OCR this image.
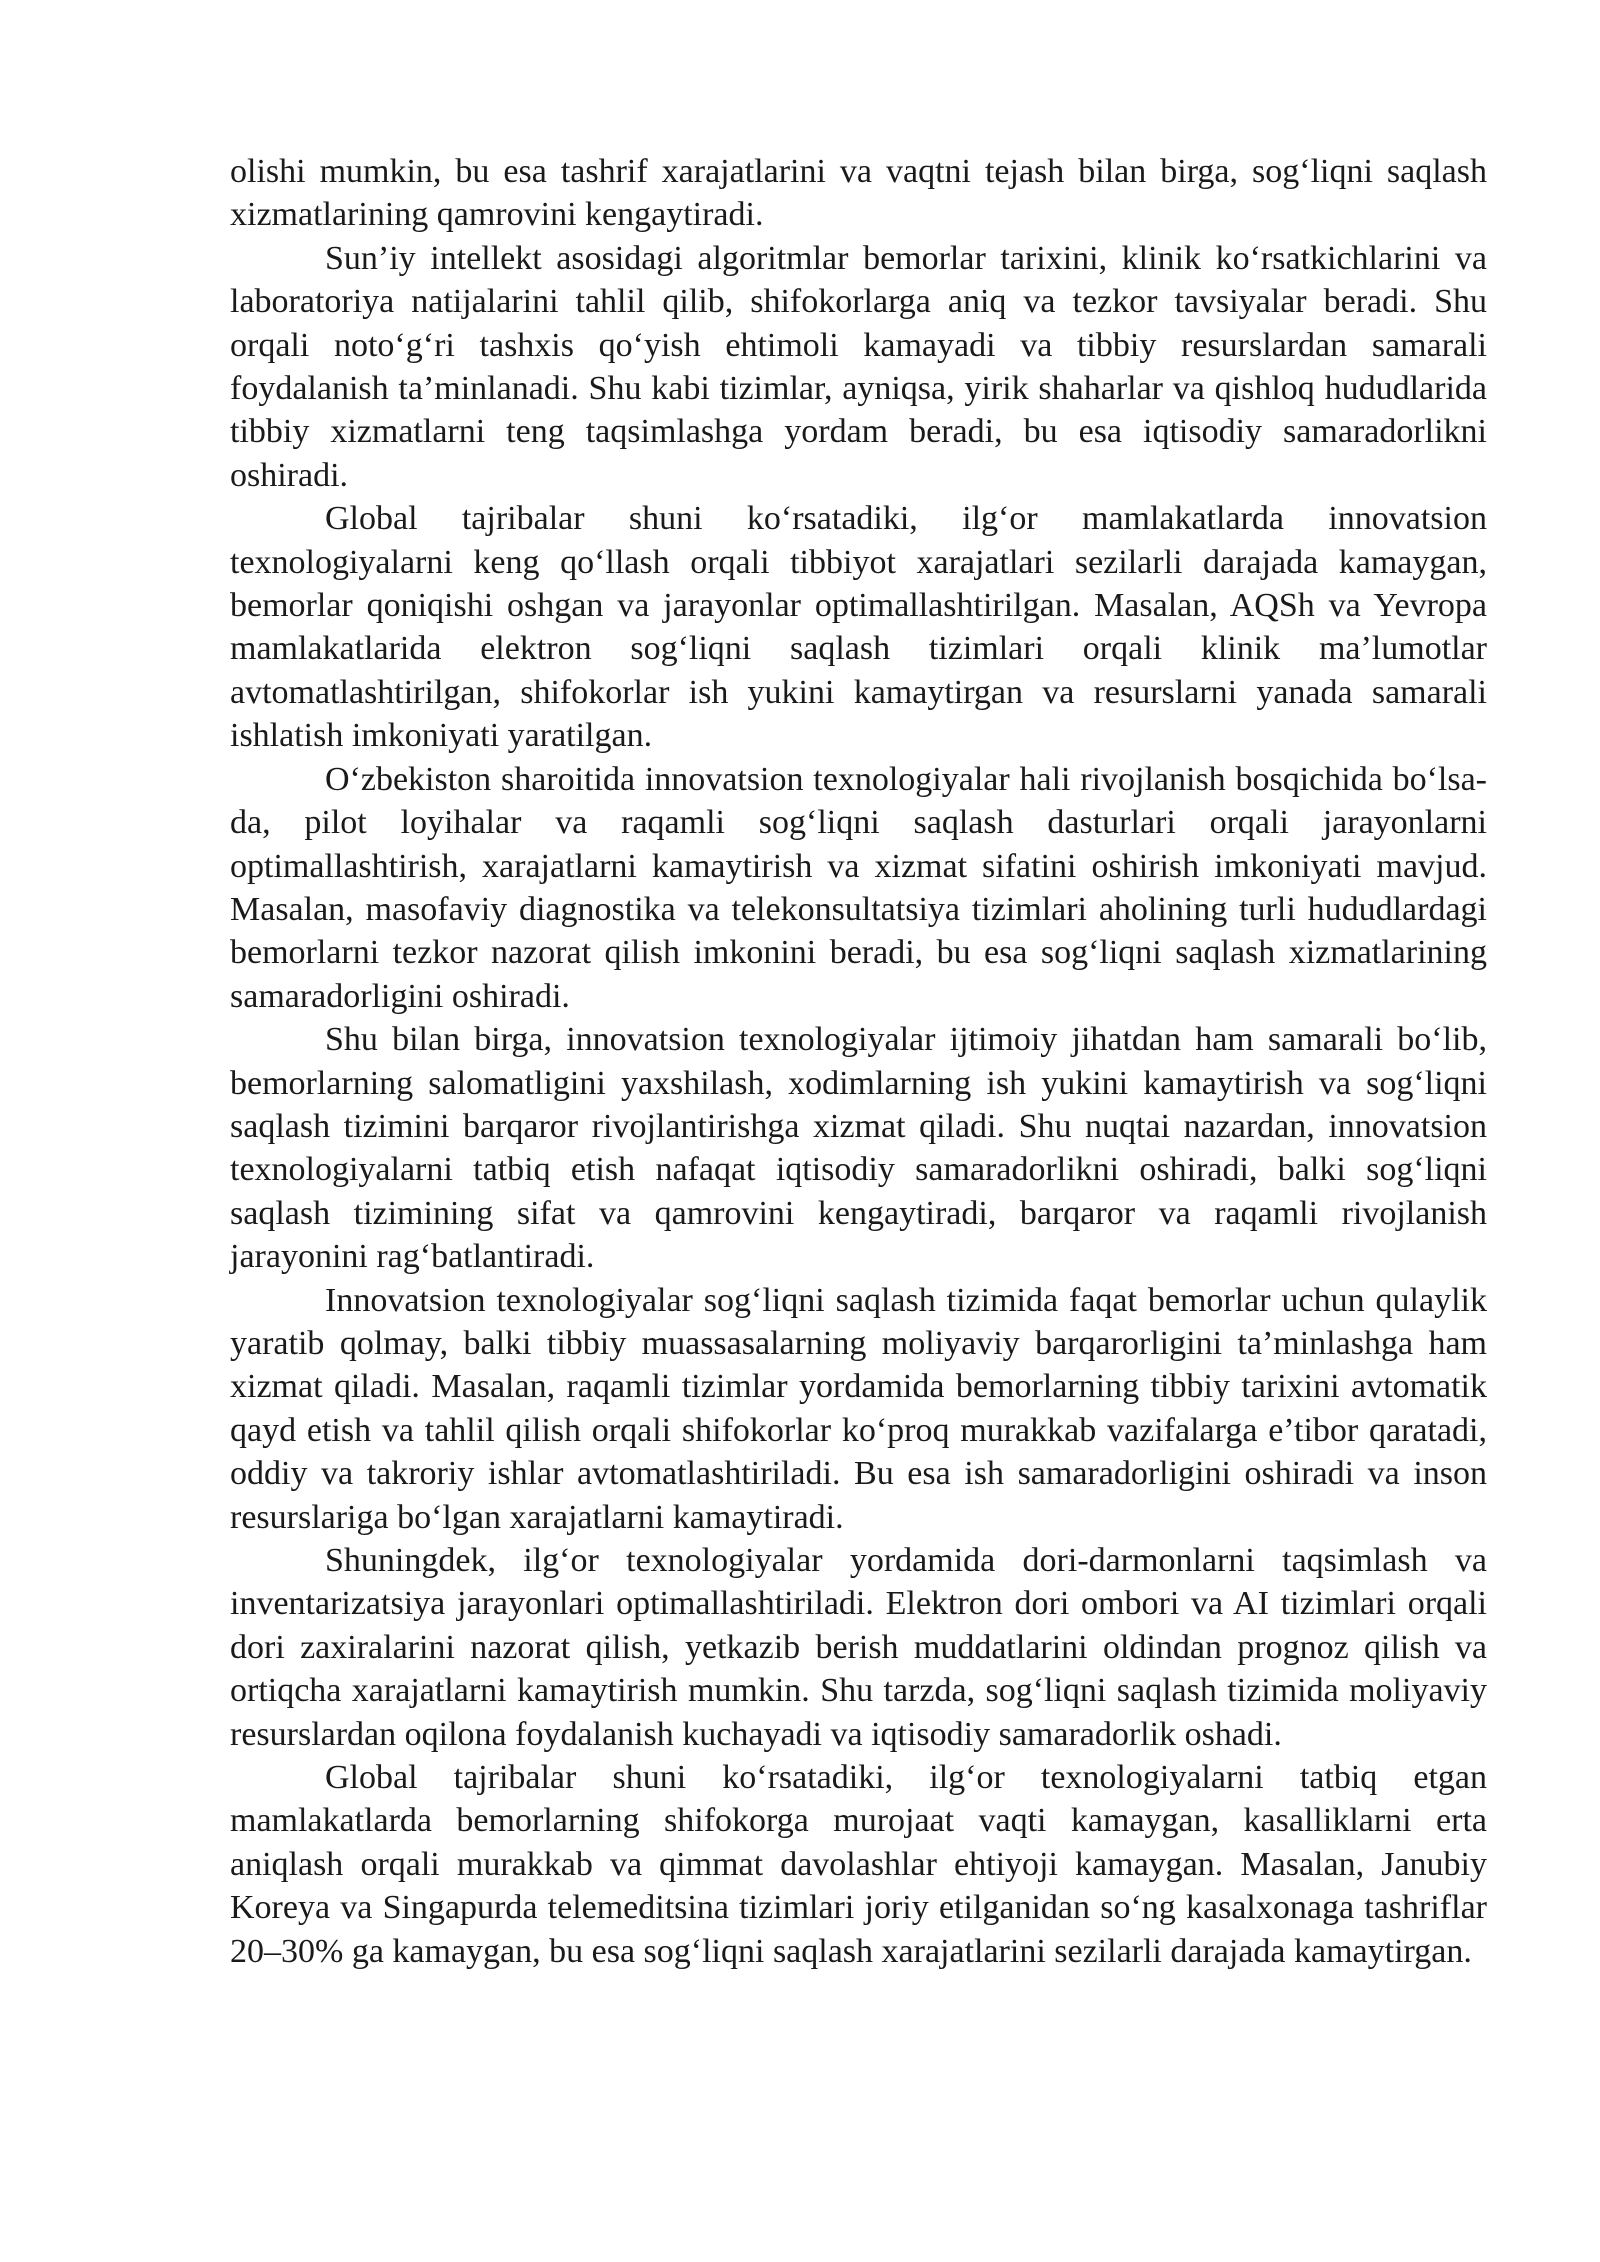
olishi mumkin, bu esa tashrif xarajatlarini va vaqtni tejash bilan birga, sog‘liqni saqlash xizmatlarining qamrovini kengaytiradi.

Sun’iy intellekt asosidagi algoritmlar bemorlar tarixini, klinik ko‘rsatkichlarini va laboratoriya natijalarini tahlil qilib, shifokorlarga aniq va tezkor tavsiyalar beradi. Shu orqali noto‘g‘ri tashxis qo‘yish ehtimoli kamayadi va tibbiy resurslardan samarali foydalanish ta’minlanadi. Shu kabi tizimlar, ayniqsa, yirik shaharlar va qishloq hududlarida tibbiy xizmatlarni teng taqsimlashga yordam beradi, bu esa iqtisodiy samaradorlikni oshiradi.

Global tajribalar shuni ko‘rsatadiki, ilg‘or mamlakatlarda innovatsion texnologiyalarni keng qo‘llash orqali tibbiyot xarajatlari sezilarli darajada kamaygan, bemorlar qoniqishi oshgan va jarayonlar optimallashtirilgan. Masalan, AQSh va Yevropa mamlakatlarida elektron sog‘liqni saqlash tizimlari orqali klinik ma’lumotlar avtomatlashtirilgan, shifokorlar ish yukini kamaytirgan va resurslarni yanada samarali ishlatish imkoniyati yaratilgan.

O‘zbekiston sharoitida innovatsion texnologiyalar hali rivojlanish bosqichida bo‘lsa-da, pilot loyihalar va raqamli sog‘liqni saqlash dasturlari orqali jarayonlarni optimallashtirish, xarajatlarni kamaytirish va xizmat sifatini oshirish imkoniyati mavjud. Masalan, masofaviy diagnostika va telekonsultatsiya tizimlari aholining turli hududlardagi bemorlarni tezkor nazorat qilish imkonini beradi, bu esa sog‘liqni saqlash xizmatlarining samaradorligini oshiradi.

Shu bilan birga, innovatsion texnologiyalar ijtimoiy jihatdan ham samarali bo‘lib, bemorlarning salomatligini yaxshilash, xodimlarning ish yukini kamaytirish va sog‘liqni saqlash tizimini barqaror rivojlantirishga xizmat qiladi. Shu nuqtai nazardan, innovatsion texnologiyalarni tatbiq etish nafaqat iqtisodiy samaradorlikni oshiradi, balki sog‘liqni saqlash tizimining sifat va qamrovini kengaytiradi, barqaror va raqamli rivojlanish jarayonini rag‘batlantiradi.

Innovatsion texnologiyalar sog‘liqni saqlash tizimida faqat bemorlar uchun qulaylik yaratib qolmay, balki tibbiy muassasalarning moliyaviy barqarorligini ta’minlashga ham xizmat qiladi. Masalan, raqamli tizimlar yordamida bemorlarning tibbiy tarixini avtomatik qayd etish va tahlil qilish orqali shifokorlar ko‘proq murakkab vazifalarga e’tibor qaratadi, oddiy va takroriy ishlar avtomatlashtiriladi. Bu esa ish samaradorligini oshiradi va inson resurslariga bo‘lgan xarajatlarni kamaytiradi.

Shuningdek, ilg‘or texnologiyalar yordamida dori-darmonlarni taqsimlash va inventarizatsiya jarayonlari optimallashtiriladi. Elektron dori ombori va AI tizimlari orqali dori zaxiralarini nazorat qilish, yetkazib berish muddatlarini oldindan prognoz qilish va ortiqcha xarajatlarni kamaytirish mumkin. Shu tarzda, sog‘liqni saqlash tizimida moliyaviy resurslardan oqilona foydalanish kuchayadi va iqtisodiy samaradorlik oshadi.

Global tajribalar shuni ko‘rsatadiki, ilg‘or texnologiyalarni tatbiq etgan mamlakatlarda bemorlarning shifokorga murojaat vaqti kamaygan, kasalliklarni erta aniqlash orqali murakkab va qimmat davolashlar ehtiyoji kamaygan. Masalan, Janubiy Koreya va Singapurda telemeditsina tizimlari joriy etilganidan so‘ng kasalxonaga tashriflar 20–30% ga kamaygan, bu esa sog‘liqni saqlash xarajatlarini sezilarli darajada kamaytirgan.
